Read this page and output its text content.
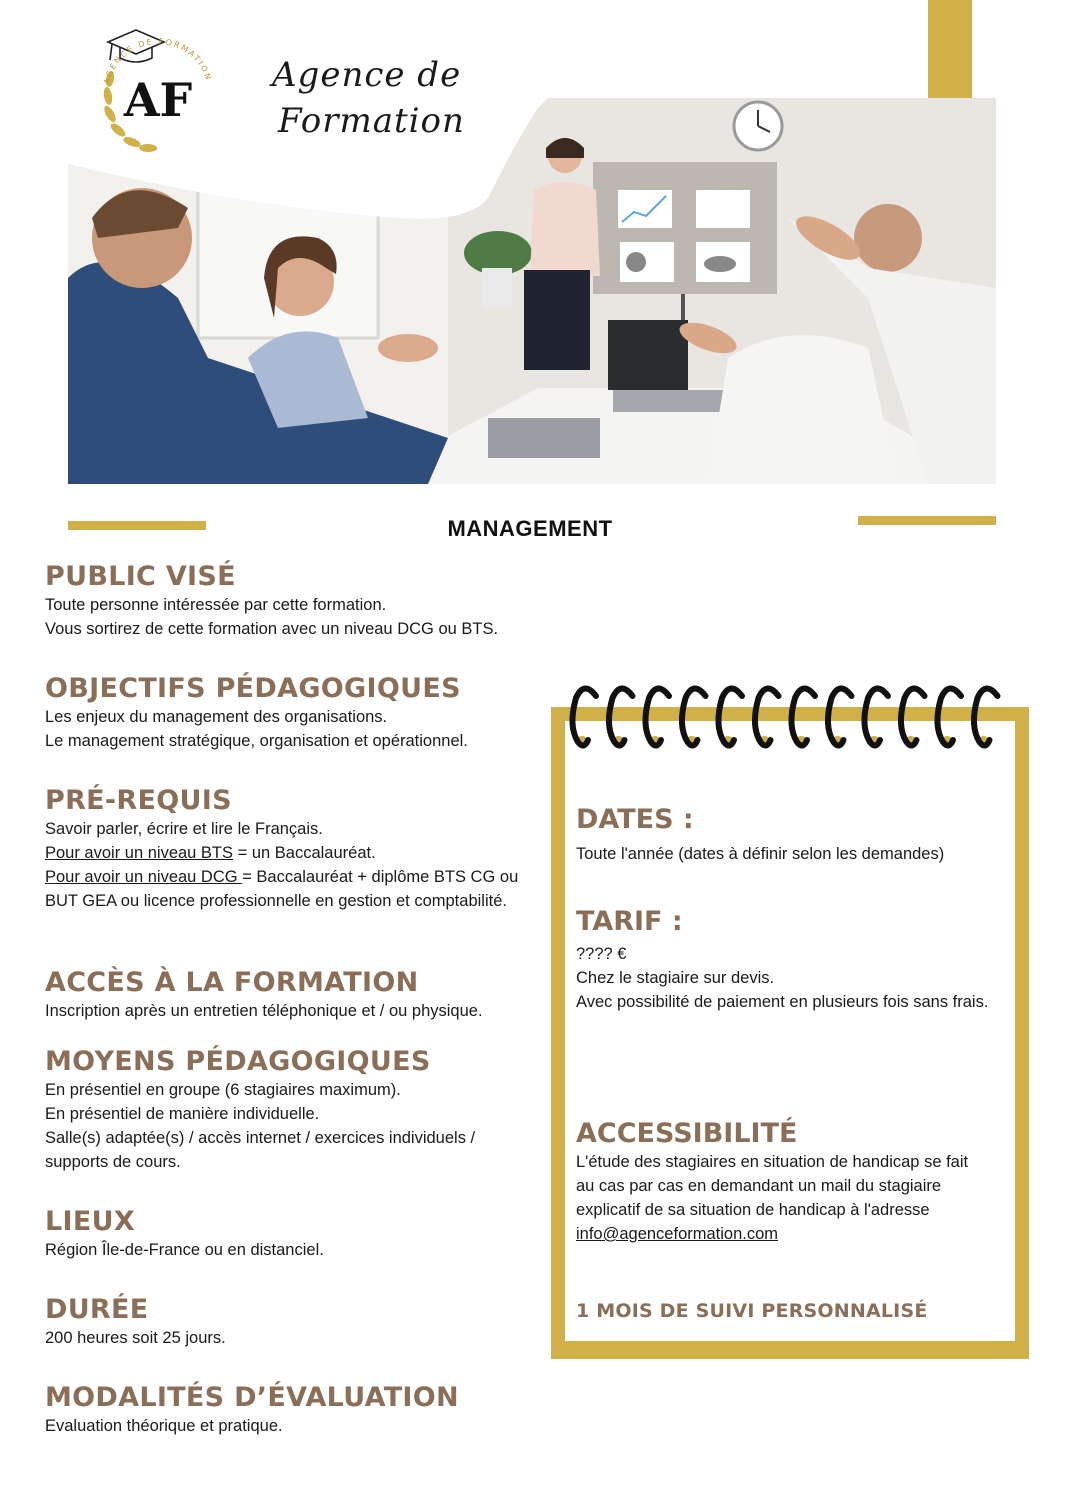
AF
AGENCE DE FORMATION Agence de
Formation
MANAGEMENT
PUBLIC VISÉ

Toute personne intéressée par cette formation.

Vous sortirez de cette formation avec un niveau DCG ou BTS.

OBJECTIFS PÉDAGOGIQUES

Les enjeux du management des organisations.

Le management stratégique, organisation et opérationnel.

PRÉ-REQUIS

Savoir parler, écrire et lire le Français.

Pour avoir un niveau BTS = un Baccalauréat.

Pour avoir un niveau DCG = Baccalauréat + diplôme BTS CG ou BUT GEA ou licence professionnelle en gestion et comptabilité.

ACCÈS À LA FORMATION

Inscription après un entretien téléphonique et / ou physique.

MOYENS PÉDAGOGIQUES

En présentiel en groupe (6 stagiaires maximum).

En présentiel de manière individuelle.

Salle(s) adaptée(s) / accès internet / exercices individuels / supports de cours.

LIEUX

Région Île-de-France ou en distanciel.

DURÉE

200 heures soit 25 jours.

MODALITÉS D’ÉVALUATION

Evaluation théorique et pratique.

DATES :

Toute l'année (dates à définir selon les demandes)

TARIF :

???? €

Chez le stagiaire sur devis.

Avec possibilité de paiement en plusieurs fois sans frais.

ACCESSIBILITÉ

L'étude des stagiaires en situation de handicap se fait au cas par cas en demandant un mail du stagiaire explicatif de sa situation de handicap à l'adresse info@agenceformation.com

1 MOIS DE SUIVI PERSONNALISÉ
